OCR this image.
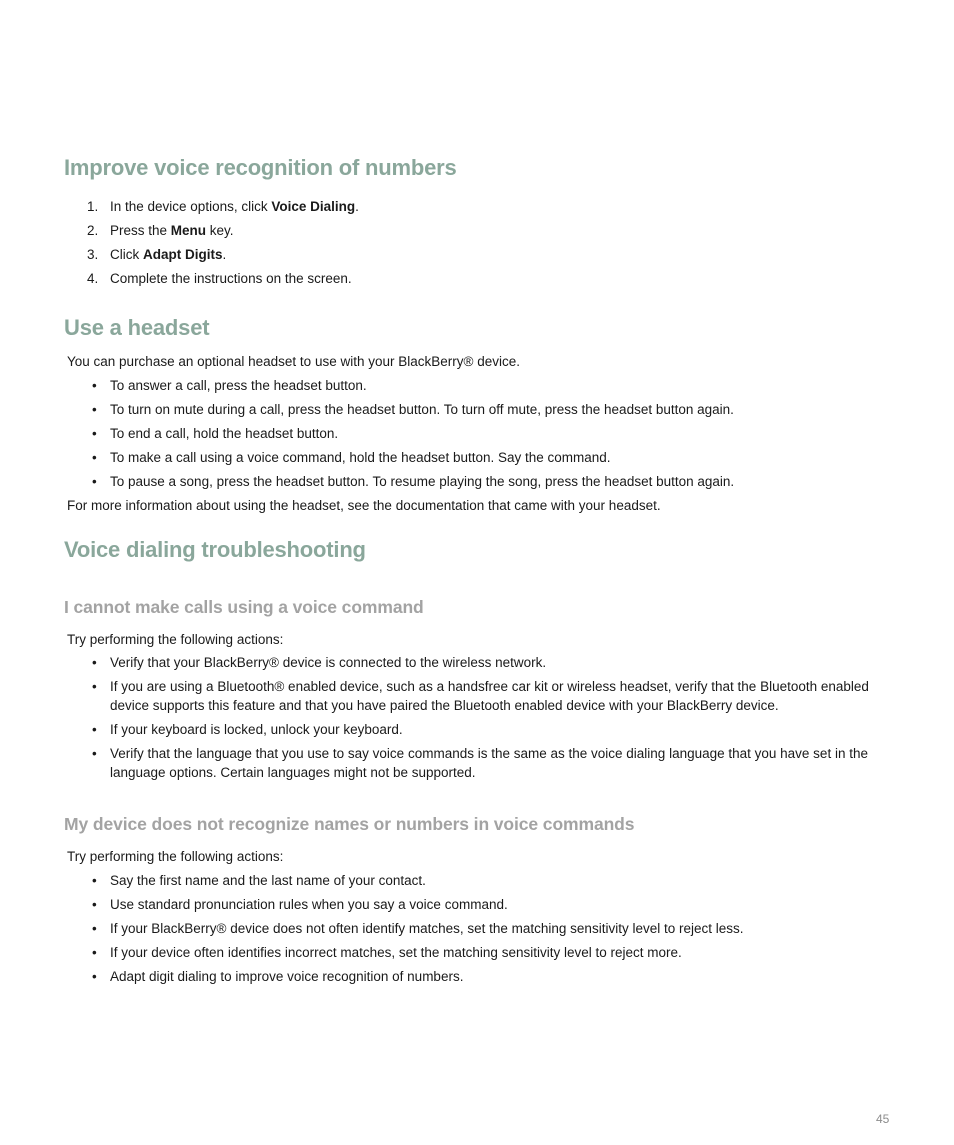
Improve voice recognition of numbers
1. In the device options, click Voice Dialing.
2. Press the Menu key.
3. Click Adapt Digits.
4. Complete the instructions on the screen.
Use a headset

You can purchase an optional headset to use with your BlackBerry® device.

• To answer a call, press the headset button.
• To turn on mute during a call, press the headset button. To turn off mute, press the headset button again.
• To end a call, hold the headset button.
• To make a call using a voice command, hold the headset button. Say the command.
• To pause a song, press the headset button. To resume playing the song, press the headset button again.

For more information about using the headset, see the documentation that came with your headset.

Voice dialing troubleshooting
I cannot make calls using a voice command

Try performing the following actions:

• Verify that your BlackBerry® device is connected to the wireless network.
• If you are using a Bluetooth® enabled device, such as a handsfree car kit or wireless headset, verify that the Bluetooth enabled device supports this feature and that you have paired the Bluetooth enabled device with your BlackBerry device.
• If your keyboard is locked, unlock your keyboard.
• Verify that the language that you use to say voice commands is the same as the voice dialing language that you have set in the language options. Certain languages might not be supported.
My device does not recognize names or numbers in voice commands

Try performing the following actions:

• Say the first name and the last name of your contact.
• Use standard pronunciation rules when you say a voice command.
• If your BlackBerry® device does not often identify matches, set the matching sensitivity level to reject less.
• If your device often identifies incorrect matches, set the matching sensitivity level to reject more.
• Adapt digit dialing to improve voice recognition of numbers.
45
